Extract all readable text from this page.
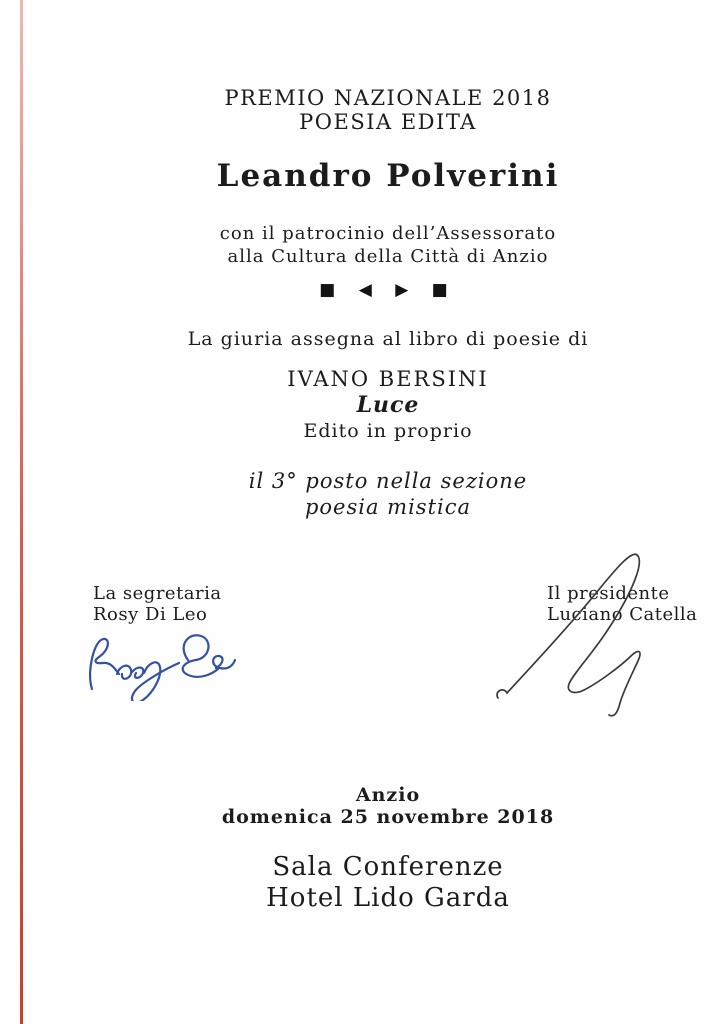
PREMIO NAZIONALE 2018
POESIA EDITA
Leandro Polverini
con il patrocinio dell’Assessorato
alla Cultura della Città di Anzio
■ ◀ ▶ ■
La giuria assegna al libro di poesie di
IVANO BERSINI
Luce
Edito in proprio
il 3° posto nella sezione
poesia mistica
Anzio
domenica 25 novembre 2018
Sala Conferenze
Hotel Lido Garda
La segretaria
Rosy Di Leo
Il presidente
Luciano Catella
